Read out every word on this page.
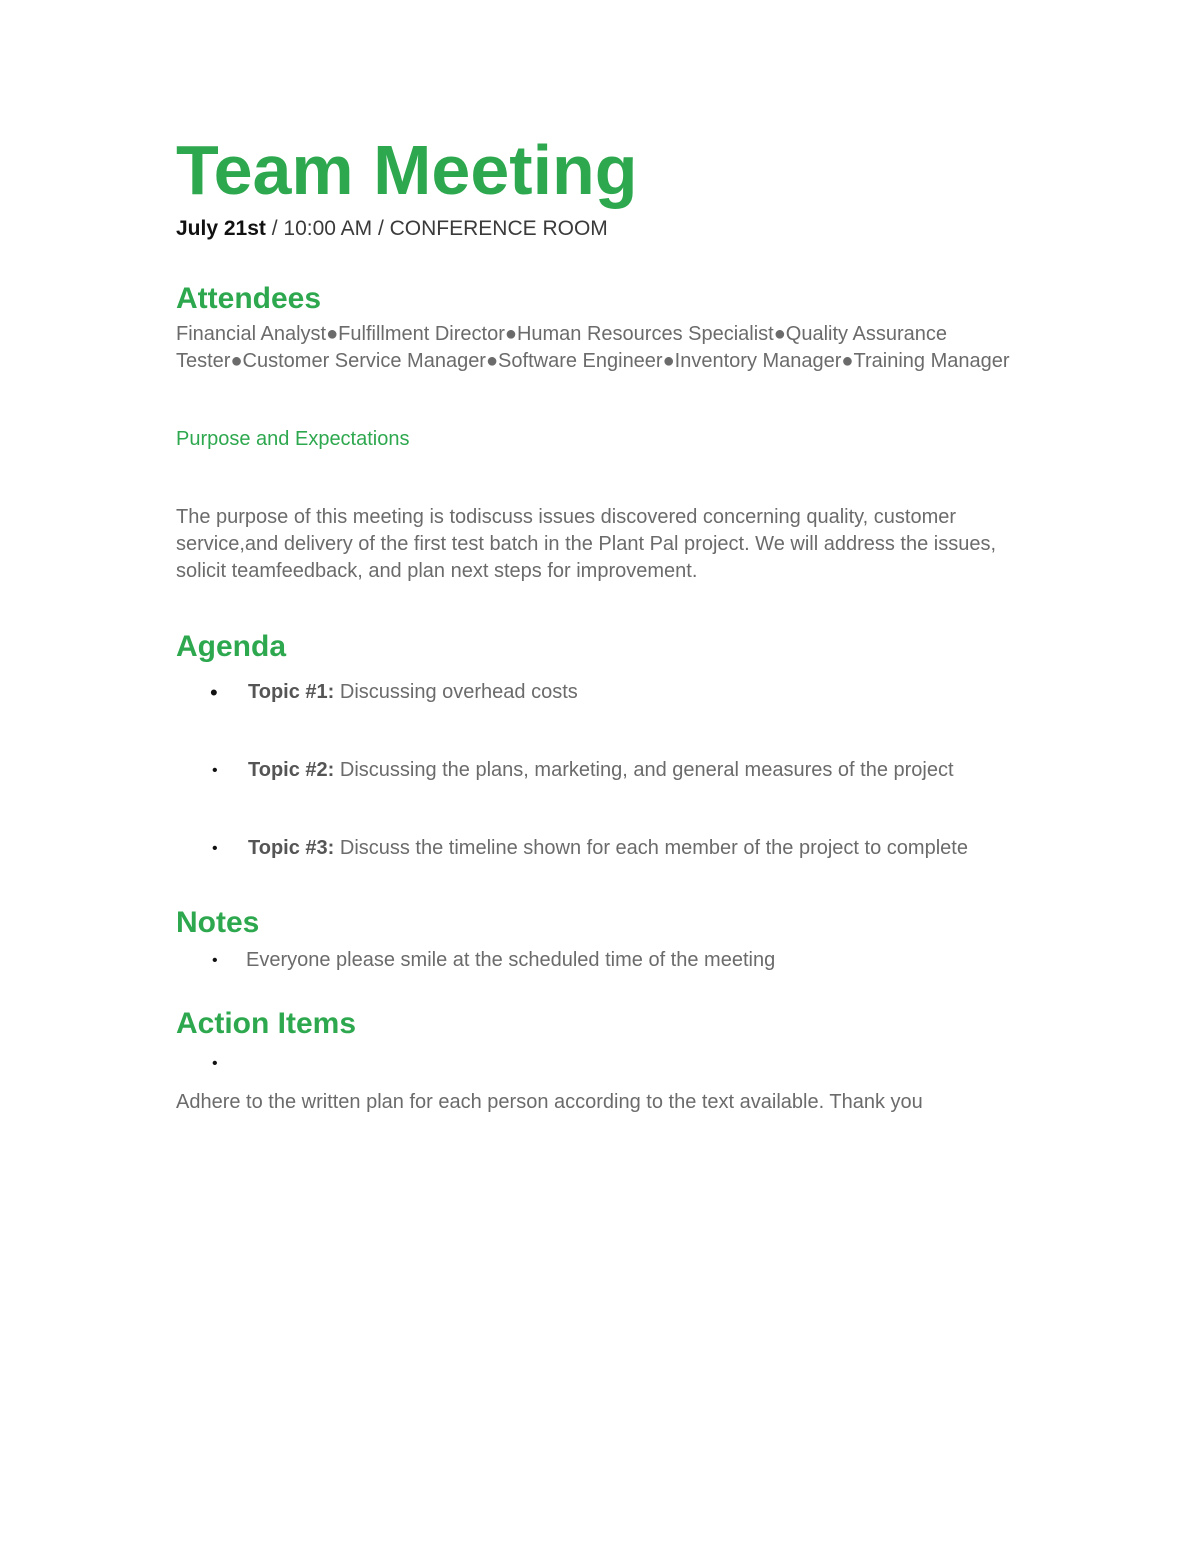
Team Meeting
July 21st / 10:00 AM / CONFERENCE ROOM
Attendees
Financial Analyst●Fulfillment Director●Human Resources Specialist●Quality Assurance Tester●Customer Service Manager●Software Engineer●Inventory Manager●Training Manager
Purpose and Expectations
The purpose of this meeting is todiscuss issues discovered concerning quality, customer service,and delivery of the first test batch in the Plant Pal project. We will address the issues, solicit teamfeedback, and plan next steps for improvement.
Agenda
• Topic #1: Discussing overhead costs
• Topic #2: Discussing the plans, marketing, and general measures of the project
• Topic #3: Discuss the timeline shown for each member of the project to complete
Notes
• Everyone please smile at the scheduled time of the meeting
Action Items
•
Adhere to the written plan for each person according to the text available. Thank you
